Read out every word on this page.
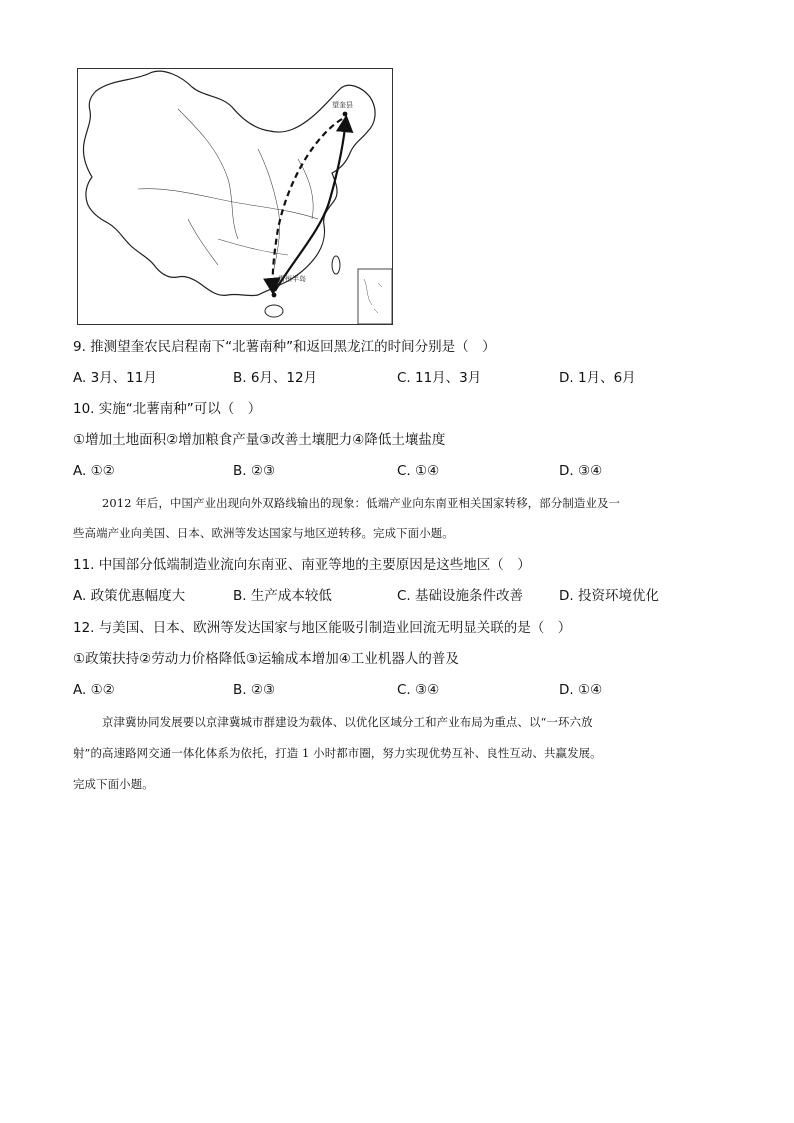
望奎县
雷州半岛
9. 推测望奎农民启程南下“北薯南种”和返回黑龙江的时间分别是（　）
A. 3月、11月	B. 6月、12月	C. 11月、3月	D. 1月、6月
10. 实施“北薯南种”可以（　）
①增加土地面积②增加粮食产量③改善土壤肥力④降低土壤盐度
A. ①②	B. ②③	C. ①④	D. ③④
2012 年后，中国产业出现向外双路线输出的现象：低端产业向东南亚相关国家转移，部分制造业及一
些高端产业向美国、日本、欧洲等发达国家与地区逆转移。完成下面小题。
11. 中国部分低端制造业流向东南亚、南亚等地的主要原因是这些地区（　）
A. 政策优惠幅度大	B. 生产成本较低	C. 基础设施条件改善	D. 投资环境优化
12. 与美国、日本、欧洲等发达国家与地区能吸引制造业回流无明显关联的是（　）
①政策扶持②劳动力价格降低③运输成本增加④工业机器人的普及
A. ①②	B. ②③	C. ③④	D. ①④
京津冀协同发展要以京津冀城市群建设为载体、以优化区域分工和产业布局为重点、以“一环六放
射”的高速路网交通一体化体系为依托，打造 1 小时都市圈，努力实现优势互补、良性互动、共赢发展。
完成下面小题。
